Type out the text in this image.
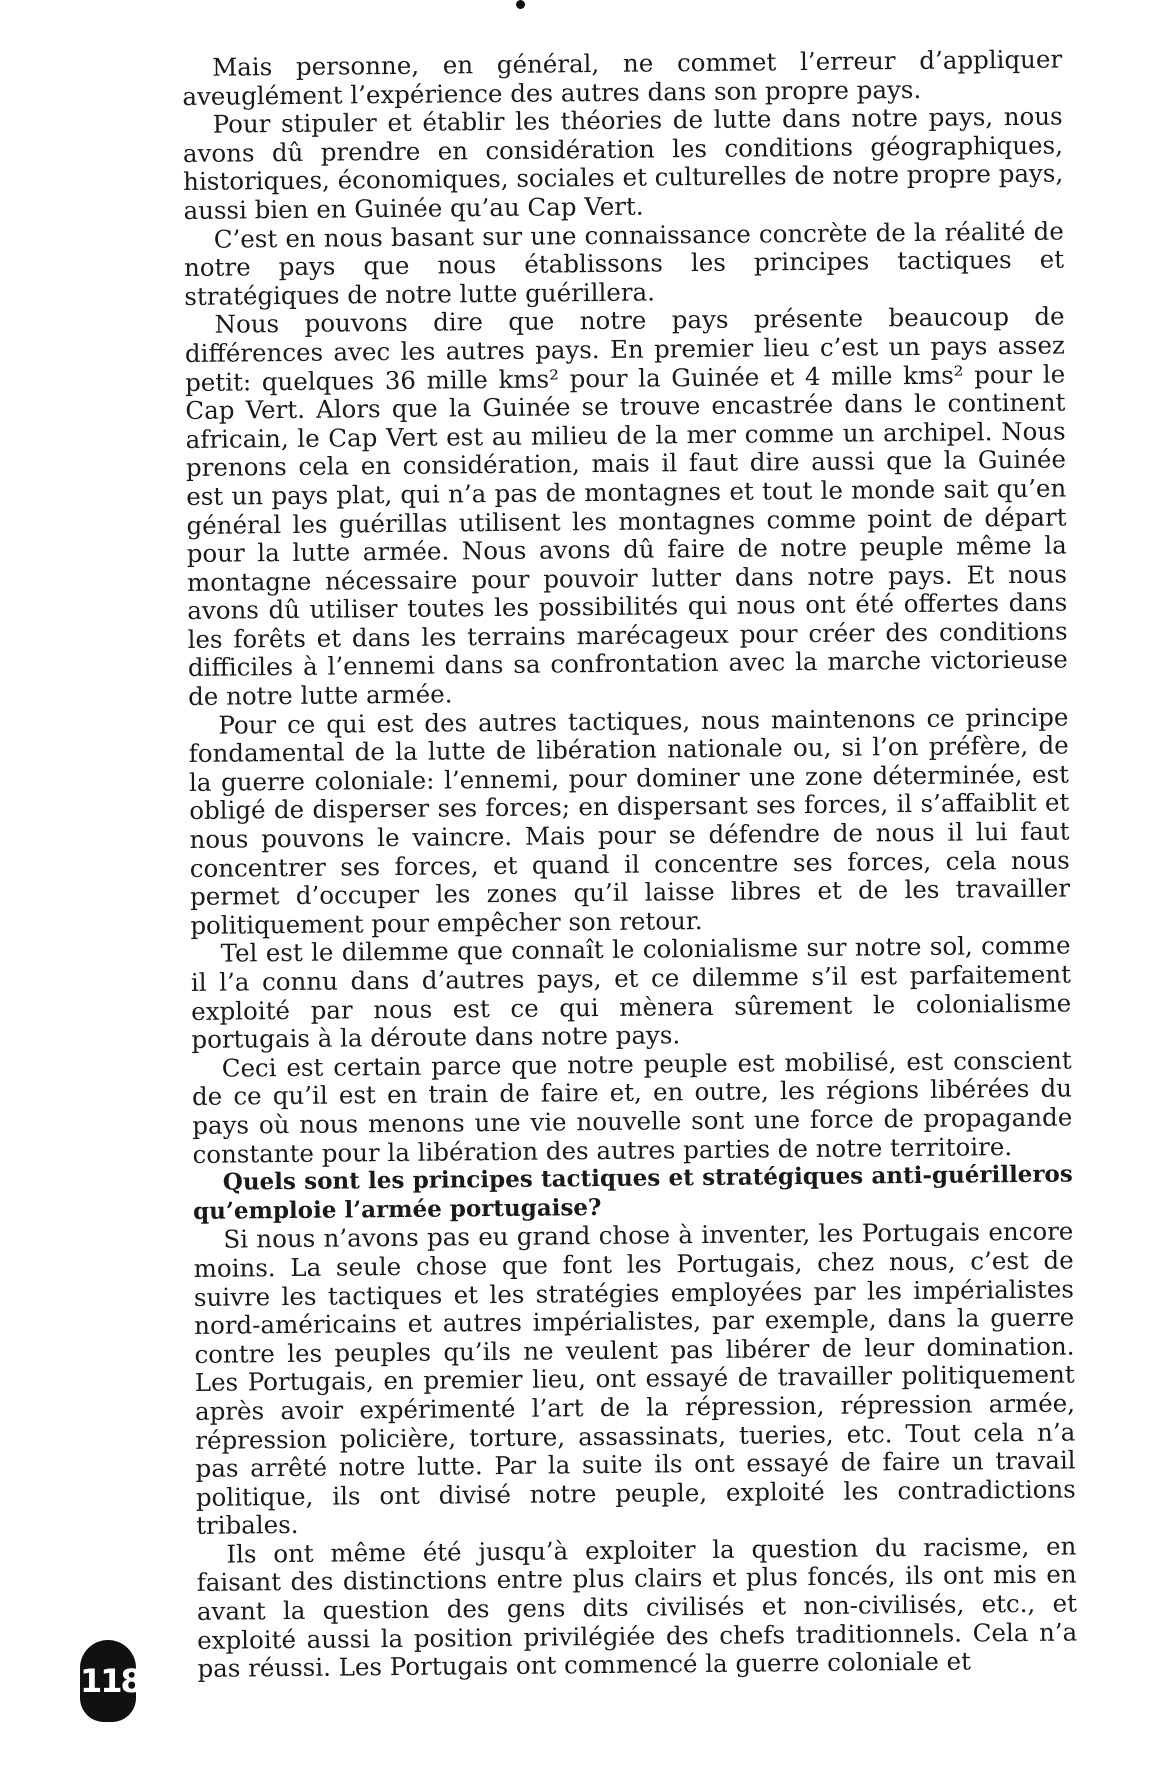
Mais personne, en général, ne commet l’erreur d’appliquer aveuglément l’expérience des autres dans son propre pays.

Pour stipuler et établir les théories de lutte dans notre pays, nous avons dû prendre en considération les conditions géographiques, historiques, économiques, sociales et culturelles de notre propre pays, aussi bien en Guinée qu’au Cap Vert.

C’est en nous basant sur une connaissance concrète de la réalité de notre pays que nous établissons les principes tactiques et stratégiques de notre lutte guérillera.

Nous pouvons dire que notre pays présente beaucoup de différences avec les autres pays. En premier lieu c’est un pays assez petit: quelques 36 mille kms² pour la Guinée et 4 mille kms² pour le Cap Vert. Alors que la Guinée se trouve encastrée dans le continent africain, le Cap Vert est au milieu de la mer comme un archipel. Nous prenons cela en considération, mais il faut dire aussi que la Guinée est un pays plat, qui n’a pas de montagnes et tout le monde sait qu’en général les guérillas utilisent les montagnes comme point de départ pour la lutte armée. Nous avons dû faire de notre peuple même la montagne nécessaire pour pouvoir lutter dans notre pays. Et nous avons dû utiliser toutes les possibilités qui nous ont été offertes dans les forêts et dans les terrains marécageux pour créer des conditions difficiles à l’ennemi dans sa confrontation avec la marche victorieuse de notre lutte armée.

Pour ce qui est des autres tactiques, nous maintenons ce principe fondamental de la lutte de libération nationale ou, si l’on préfère, de la guerre coloniale: l’ennemi, pour dominer une zone déterminée, est obligé de disperser ses forces; en dispersant ses forces, il s’affaiblit et nous pouvons le vaincre. Mais pour se défendre de nous il lui faut concentrer ses forces, et quand il concentre ses forces, cela nous permet d’occuper les zones qu’il laisse libres et de les travailler politiquement pour empêcher son retour.

Tel est le dilemme que connaît le colonialisme sur notre sol, comme il l’a connu dans d’autres pays, et ce dilemme s’il est parfaitement exploité par nous est ce qui mènera sûrement le colonialisme portugais à la déroute dans notre pays.

Ceci est certain parce que notre peuple est mobilisé, est conscient de ce qu’il est en train de faire et, en outre, les régions libérées du pays où nous menons une vie nouvelle sont une force de propagande constante pour la libération des autres parties de notre territoire.

Quels sont les principes tactiques et stratégiques anti-guérilleros qu’emploie l’armée portugaise?

Si nous n’avons pas eu grand chose à inventer, les Portugais encore moins. La seule chose que font les Portugais, chez nous, c’est de suivre les tactiques et les stratégies employées par les impérialistes nord-américains et autres impérialistes, par exemple, dans la guerre contre les peuples qu’ils ne veulent pas libérer de leur domination. Les Portugais, en premier lieu, ont essayé de travailler politiquement après avoir expérimenté l’art de la répression, répression armée, répression policière, torture, assassinats, tueries, etc. Tout cela n’a pas arrêté notre lutte. Par la suite ils ont essayé de faire un travail politique, ils ont divisé notre peuple, exploité les contradictions tribales.

Ils ont même été jusqu’à exploiter la question du racisme, en faisant des distinctions entre plus clairs et plus foncés, ils ont mis en avant la question des gens dits civilisés et non-civilisés, etc., et exploité aussi la position privilégiée des chefs traditionnels. Cela n’a pas réussi. Les Portugais ont commencé la guerre coloniale et

118
